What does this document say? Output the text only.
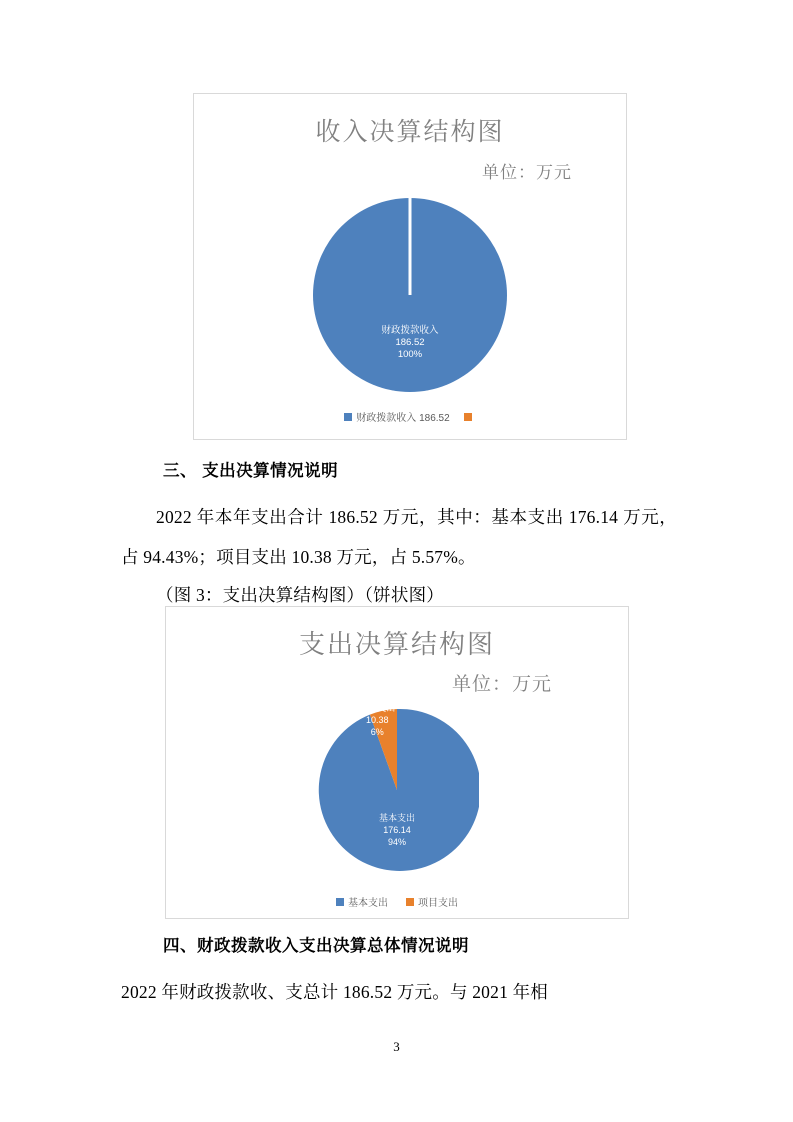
收入决算结构图
单位：万元
财政拨款收入
186.52
100%
财政拨款收入 186.52
三、 支出决算情况说明
2022 年本年支出合计 186.52 万元，其中：基本支出 176.14 万元，占 94.43%；项目支出 10.38 万元，占 5.57%。
（图 3：支出决算结构图）（饼状图）
支出决算结构图
单位：万元
基本支出
176.14
94%
项目支出
10.38
6%
基本支出	项目支出
四、财政拨款收入支出决算总体情况说明
2022 年财政拨款收、支总计 186.52 万元。与 2021 年相
3
